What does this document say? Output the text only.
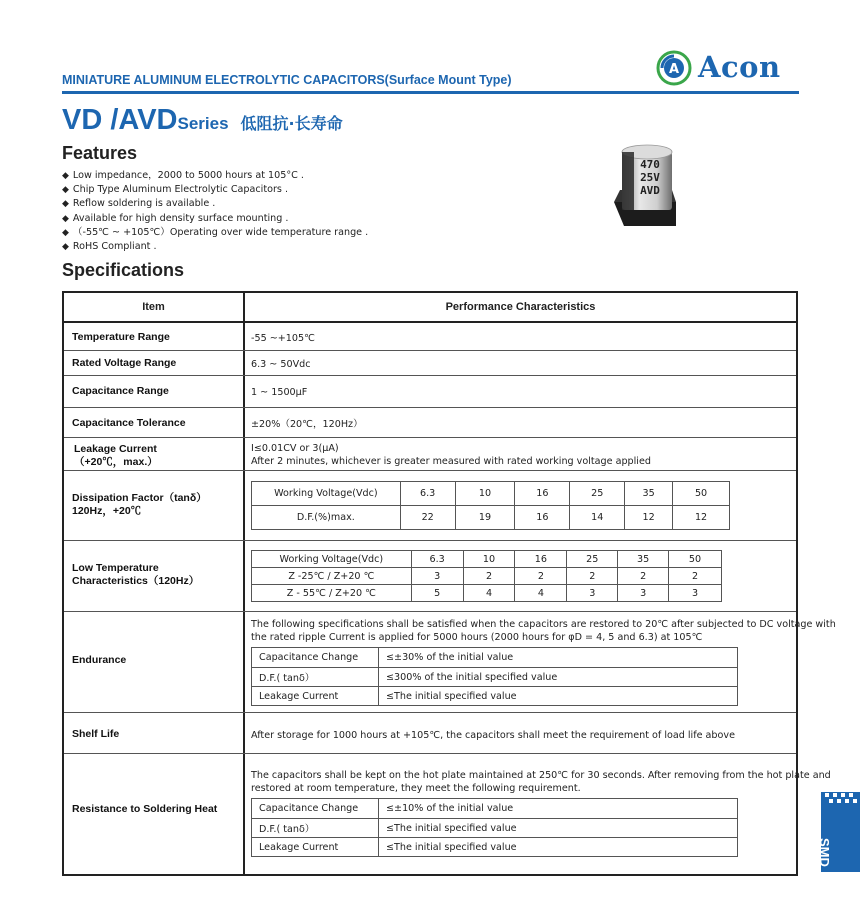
MINIATURE ALUMINUM ELECTROLYTIC CAPACITORS(Surface Mount Type)
A Acon
VD /AVDSeries 低阻抗·长寿命
Features
◆ Low impedance，2000 to 5000 hours at 105°C .
◆ Chip Type Aluminum Electrolytic Capacitors .
◆ Reflow soldering is available .
◆ Available for high density surface mounting .
◆ （-55℃ ~ +105℃）Operating over wide temperature range .
◆ RoHS Compliant .
470
25V
AVD
Specifications
Item	Performance Characteristics
Temperature Range	-55 ~+105℃
Rated Voltage Range	6.3 ~ 50Vdc
Capacitance Range	1 ~ 1500μF
Capacitance Tolerance	±20%（20℃，120Hz）
Leakage Current
（+20℃，max.）
I≤0.01CV or 3(μA)
After 2 minutes, whichever is greater measured with rated working voltage applied
Dissipation Factor（tanδ）
120Hz，+20℃
Working Voltage(Vdc)	6.3	10	16	25	35	50
D.F.(%)max.	22	19	16	14	12	12
Low Temperature
Characteristics（120Hz）
Working Voltage(Vdc)	6.3	10	16	25	35	50
Z -25℃ / Z+20 ℃	3	2	2	2	2	2
Z - 55℃ / Z+20 ℃	5	4	4	3	3	3
Endurance
The following specifications shall be satisfied when the capacitors are restored to 20℃ after subjected to DC voltage with
the rated ripple Current is applied for 5000 hours (2000 hours for φD = 4, 5 and 6.3) at 105℃
Capacitance Change	≤±30% of the initial value
D.F.( tanδ）	≤300% of the initial specified value
Leakage Current	≤The initial specified value
Shelf Life	After storage for 1000 hours at +105℃, the capacitors shall meet the requirement of load life above
Resistance to Soldering Heat
The capacitors shall be kept on the hot plate maintained at 250℃ for 30 seconds. After removing from the hot plate and
restored at room temperature, they meet the following requirement.
Capacitance Change	≤±10% of the initial value
D.F.( tanδ）	≤The initial specified value
Leakage Current	≤The initial specified value	SMD
